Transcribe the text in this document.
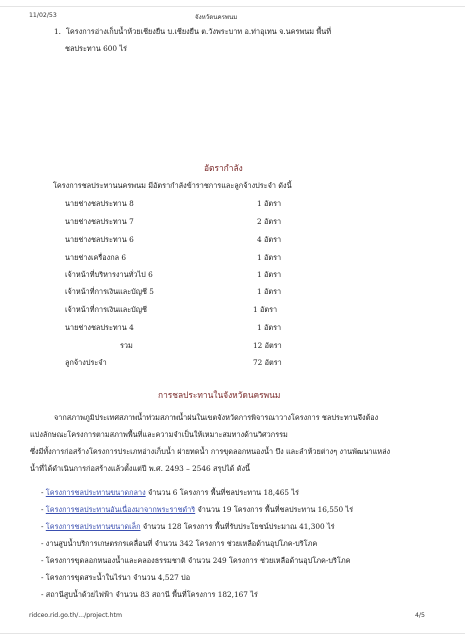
11/02/53	จังหวัดนครพนม
1. โครงการอ่างเก็บน้ำห้วยเชียงยืน บ.เชียงยืน ต.วังพระบาท อ.ท่าอุเทน จ.นครพนม พื้นที่
ชลประทาน 600 ไร่
อัตรากำลัง
โครงการชลประทานนครพนม มีอัตรากำลังข้าราชการและลูกจ้างประจำ ดังนี้
นายช่างชลประทาน 8	1 อัตรา
นายช่างชลประทาน 7	2 อัตรา
นายช่างชลประทาน 6	4 อัตรา
นายช่างเครื่องกล 6	1 อัตรา
เจ้าหน้าที่บริหารงานทั่วไป 6	1 อัตรา
เจ้าหน้าที่การเงินและบัญชี 5	1 อัตรา
เจ้าหน้าที่การเงินและบัญชี	1 อัตรา
นายช่างชลประทาน 4	1 อัตรา
รวม	12 อัตรา
ลูกจ้างประจำ	72 อัตรา
การชลประทานในจังหวัดนครพนม
จากสภาพภูมิประเทศสภาพน้ำท่วมสภาพน้ำฝนในเขตจังหวัดการพิจารณาวางโครงการ ชลประทานจึงต้อง
แบ่งลักษณะโครงการตามสภาพพื้นที่และความจำเป็นให้เหมาะสมทางด้านวิศวกรรม
ซึ่งมีทั้งการก่อสร้างโครงการประเภทอ่างเก็บน้ำ ฝายทดน้ำ การขุดลอกหนองน้ำ บึง และลำห้วยต่างๆ งานพัฒนาแหล่ง
น้ำที่ได้ดำเนินการก่อสร้างแล้วตั้งแต่ปี พ.ศ. 2493 – 2546 สรุปได้ ดังนี้
- โครงการชลประทานขนาดกลาง จำนวน 6 โครงการ พื้นที่ชลประทาน 18,465 ไร่
- โครงการชลประทานอันเนื่องมาจากพระราชดำริ จำนวน 19 โครงการ พื้นที่ชลประทาน 16,550 ไร่
- โครงการชลประทานขนาดเล็ก จำนวน 128 โครงการ พื้นที่รับประโยชน์ประมาณ 41,300 ไร่
- งานสูบน้ำบริการเกษตรกรเคลื่อนที่ จำนวน 342 โครงการ ช่วยเหลือด้านอุปโภค-บริโภค
- โครงการขุดลอกหนองน้ำและคลองธรรมชาติ จำนวน 249 โครงการ ช่วยเหลือด้านอุปโภค-บริโภค
- โครงการขุดสระน้ำในไร่นา จำนวน 4,527 บ่อ
- สถานีสูบน้ำด้วยไฟฟ้า จำนวน 83 สถานี พื้นที่โครงการ 182,167 ไร่
ridceo.rid.go.th/.../project.htm	4/5
